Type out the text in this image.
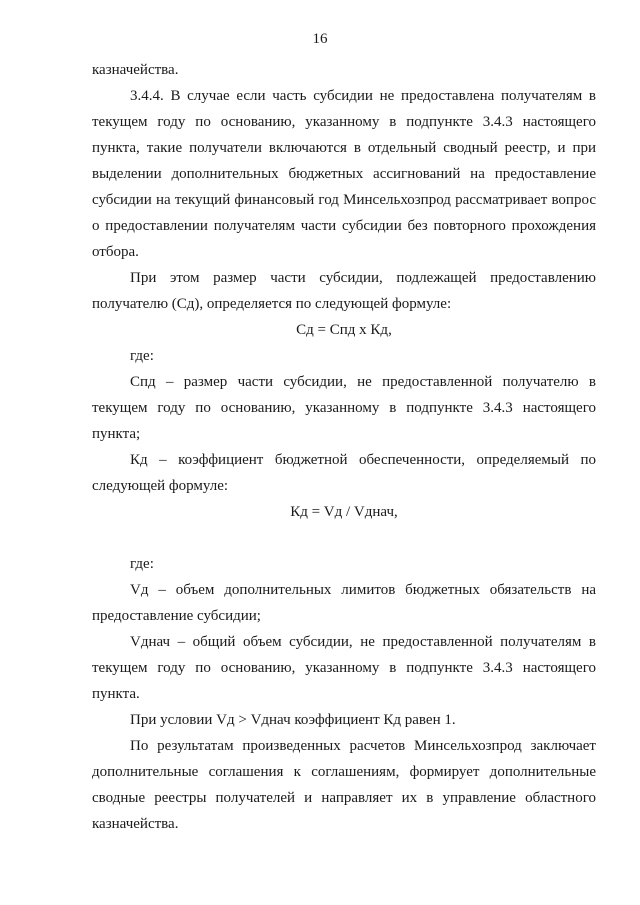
16

казначейства.

3.4.4. В случае если часть субсидии не предоставлена получателям в текущем году по основанию, указанному в подпункте 3.4.3 настоящего пункта, такие получатели включаются в отдельный сводный реестр, и при выделении дополнительных бюджетных ассигнований на предоставление субсидии на текущий финансовый год Минсельхозпрод рассматривает вопрос о предоставлении получателям части субсидии без повторного прохождения отбора.

При этом размер части субсидии, подлежащей предоставлению получателю (Сд), определяется по следующей формуле:

Сд = Спд х Кд,

где:

Спд – размер части субсидии, не предоставленной получателю в текущем году по основанию, указанному в подпункте 3.4.3 настоящего пункта;

Кд – коэффициент бюджетной обеспеченности, определяемый по следующей формуле:

Кд = Vд / Vднач,

где:

Vд – объем дополнительных лимитов бюджетных обязательств на предоставление субсидии;

Vднач – общий объем субсидии, не предоставленной получателям в текущем году по основанию, указанному в подпункте 3.4.3 настоящего пункта.

При условии Vд > Vднач коэффициент Кд равен 1.

По результатам произведенных расчетов Минсельхозпрод заключает дополнительные соглашения к соглашениям, формирует дополнительные сводные реестры получателей и направляет их в управление областного казначейства.
